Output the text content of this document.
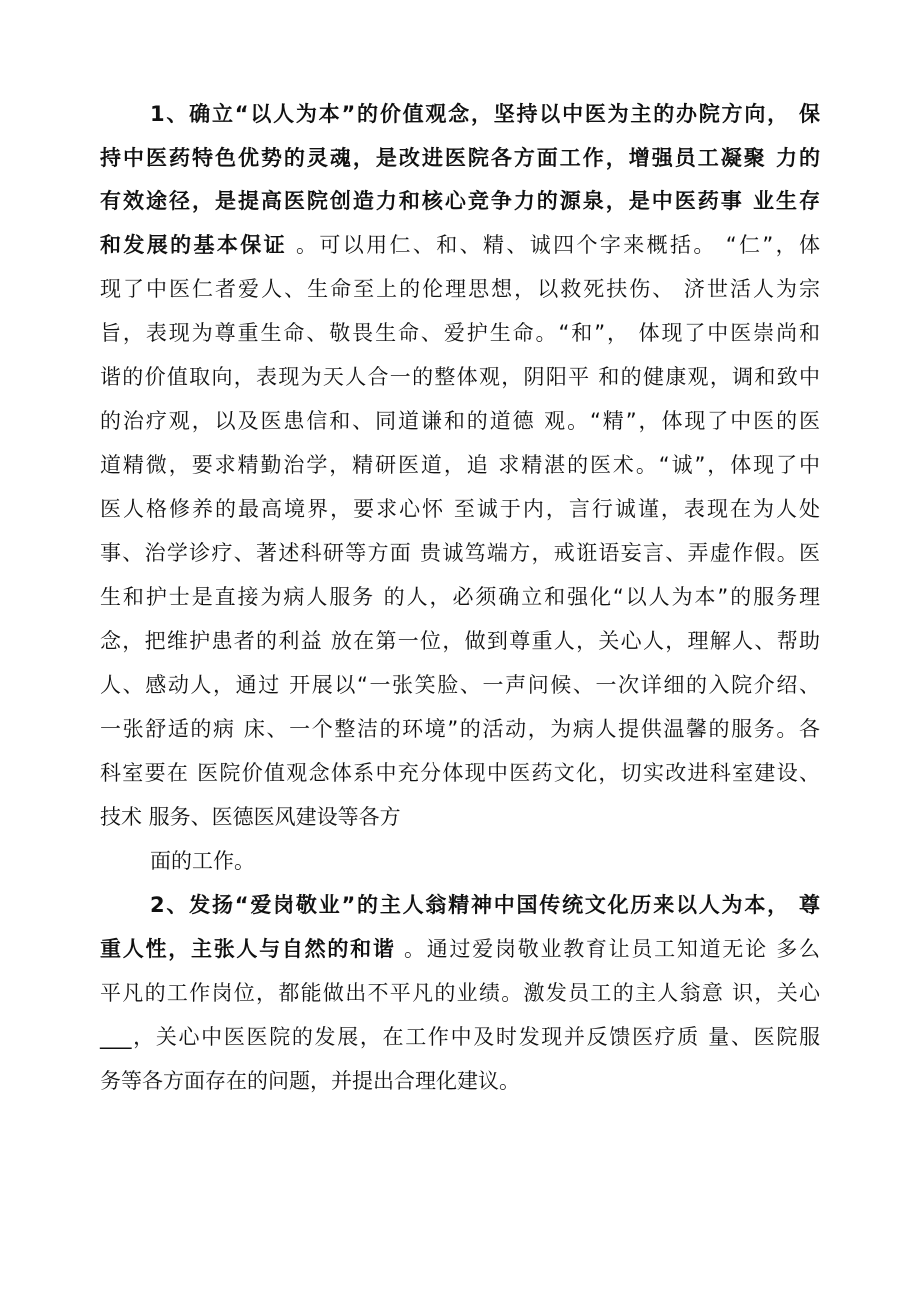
1、确立“以人为本”的价值观念，坚持以中医为主的办院方向， 保
持中医药特色优势的灵魂，是改进医院各方面工作，增强员工凝聚 力的
有效途径，是提高医院创造力和核心竞争力的源泉，是中医药事 业生存
和发展的基本保证 。可以用仁、和、精、诚四个字来概括。 “仁”，体
现了中医仁者爱人、生命至上的伦理思想，以救死扶伤、 济世活人为宗
旨，表现为尊重生命、敬畏生命、爱护生命。“和”， 体现了中医崇尚和
谐的价值取向，表现为天人合一的整体观，阴阳平 和的健康观，调和致中
的治疗观，以及医患信和、同道谦和的道德 观。“精”，体现了中医的医
道精微，要求精勤治学，精研医道，追 求精湛的医术。“诚”，体现了中
医人格修养的最高境界，要求心怀 至诚于内，言行诚谨，表现在为人处
事、治学诊疗、著述科研等方面 贵诚笃端方，戒诳语妄言、弄虚作假。医
生和护士是直接为病人服务 的人，必须确立和强化“以人为本”的服务理
念，把维护患者的利益 放在第一位，做到尊重人，关心人，理解人、帮助
人、感动人，通过 开展以“一张笑脸、一声问候、一次详细的入院介绍、
一张舒适的病 床、一个整洁的环境”的活动，为病人提供温馨的服务。各
科室要在 医院价值观念体系中充分体现中医药文化，切实改进科室建设、
技术 服务、医德医风建设等各方
面的工作。
2、发扬“爱岗敬业”的主人翁精神中国传统文化历来以人为本， 尊
重人性，主张人与自然的和谐 。通过爱岗敬业教育让员工知道无论 多么
平凡的工作岗位，都能做出不平凡的业绩。激发员工的主人翁意 识，关心
___，关心中医医院的发展，在工作中及时发现并反馈医疗质 量、医院服
务等各方面存在的问题，并提出合理化建议。
